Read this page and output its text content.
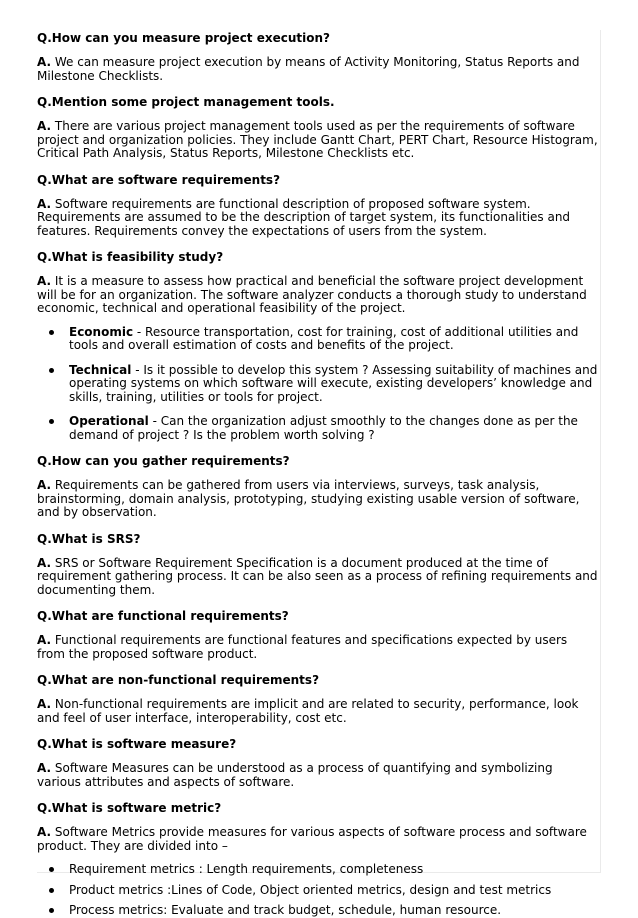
Q.How can you measure project execution?

A. We can measure project execution by means of Activity Monitoring, Status Reports and Milestone Checklists.

Q.Mention some project management tools.

A. There are various project management tools used as per the requirements of software project and organization policies. They include Gantt Chart, PERT Chart, Resource Histogram, Critical Path Analysis, Status Reports, Milestone Checklists etc.

Q.What are software requirements?

A. Software requirements are functional description of proposed software system. Requirements are assumed to be the description of target system, its functionalities and features. Requirements convey the expectations of users from the system.

Q.What is feasibility study?

A. It is a measure to assess how practical and beneficial the software project development will be for an organization. The software analyzer conducts a thorough study to understand economic, technical and operational feasibility of the project.

Economic - Resource transportation, cost for training, cost of additional utilities and tools and overall estimation of costs and benefits of the project.
Technical - Is it possible to develop this system ? Assessing suitability of machines and operating systems on which software will execute, existing developers’ knowledge and skills, training, utilities or tools for project.
Operational - Can the organization adjust smoothly to the changes done as per the demand of project ? Is the problem worth solving ?

Q.How can you gather requirements?

A. Requirements can be gathered from users via interviews, surveys, task analysis, brainstorming, domain analysis, prototyping, studying existing usable version of software, and by observation.

Q.What is SRS?

A. SRS or Software Requirement Specification is a document produced at the time of requirement gathering process. It can be also seen as a process of refining requirements and documenting them.

Q.What are functional requirements?

A. Functional requirements are functional features and specifications expected by users from the proposed software product.

Q.What are non-functional requirements?

A. Non-functional requirements are implicit and are related to security, performance, look and feel of user interface, interoperability, cost etc.

Q.What is software measure?

A. Software Measures can be understood as a process of quantifying and symbolizing various attributes and aspects of software.

Q.What is software metric?

A. Software Metrics provide measures for various aspects of software process and software product. They are divided into –

Requirement metrics : Length requirements, completeness
Product metrics :Lines of Code, Object oriented metrics, design and test metrics
Process metrics: Evaluate and track budget, schedule, human resource.
